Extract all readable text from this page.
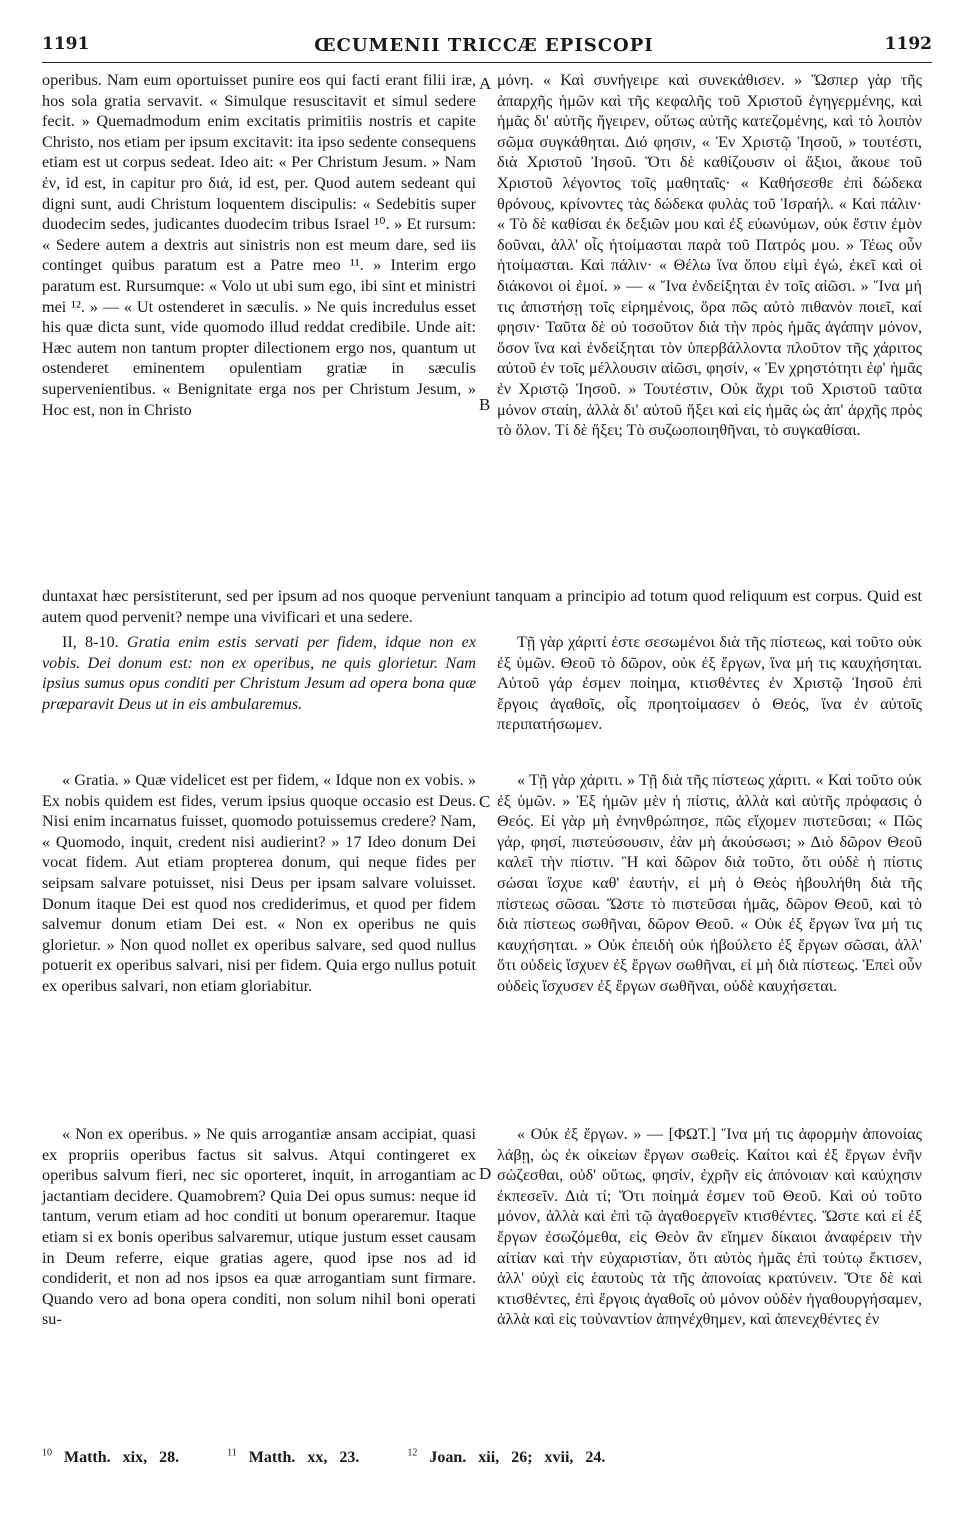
1191	ŒCUMENII TRICCÆ EPISCOPI	1192

operibus. Nam eum oportuisset punire eos qui facti erant filii iræ, hos sola gratia servavit. « Simulque resuscitavit et simul sedere fecit. » Quemadmodum enim excitatis primitiis nostris et capite Christo, nos etiam per ipsum excitavit: ita ipso sedente consequens etiam est ut corpus sedeat. Ideo ait: « Per Christum Jesum. » Nam ἐν, id est, in capitur pro διά, id est, per. Quod autem sedeant qui digni sunt, audi Christum loquentem discipulis: « Sedebitis super duodecim sedes, judicantes duodecim tribus Israel ¹⁰. » Et rursum: « Sedere autem a dextris aut sinistris non est meum dare, sed iis continget quibus paratum est a Patre meo ¹¹. » Interim ergo paratum est. Rursumque: « Volo ut ubi sum ego, ibi sint et ministri mei ¹². » — « Ut ostenderet in sæculis. » Ne quis incredulus esset his quæ dicta sunt, vide quomodo illud reddat credibile. Unde ait: Hæc autem non tantum propter dilectionem ergo nos, quantum ut ostenderet eminentem opulentiam gratiæ in sæculis supervenientibus. « Benignitate erga nos per Christum Jesum, » Hoc est, non in Christo

μόνη. « Καὶ συνήγειρε καὶ συνεκάθισεν. » Ὥσπερ γὰρ τῆς ἀπαρχῆς ἡμῶν καὶ τῆς κεφαλῆς τοῦ Χριστοῦ ἐγηγερμένης, καὶ ἡμᾶς δι' αὐτῆς ἤγειρεν, οὕτως αὐτῆς κατεζομένης, καὶ τὸ λοιπὸν σῶμα συγκάθηται. Διό φησιν, « Ἐν Χριστῷ Ἰησοῦ, » τουτέστι, διὰ Χριστοῦ Ἰησοῦ. Ὅτι δὲ καθίζουσιν οἱ ἄξιοι, ἄκουε τοῦ Χριστοῦ λέγοντος τοῖς μαθηταῖς· « Καθήσεσθε ἐπὶ δώδεκα θρόνους, κρίνοντες τὰς δώδεκα φυλὰς τοῦ Ἰσραήλ. « Καὶ πάλιν· « Τὸ δὲ καθίσαι ἐκ δεξιῶν μου καὶ ἐξ εὐωνύμων, οὐκ ἔστιν ἐμὸν δοῦναι, ἀλλ' οἷς ἡτοίμασται παρὰ τοῦ Πατρός μου. » Τέως οὖν ἡτοίμασται. Καὶ πάλιν· « Θέλω ἵνα ὅπου εἰμὶ ἐγώ, ἐκεῖ καὶ οἱ διάκονοι οἱ ἐμοί. » — « Ἵνα ἐνδείξηται ἐν τοῖς αἰῶσι. » Ἵνα μή τις ἀπιστήσῃ τοῖς εἰρημένοις, ὅρα πῶς αὐτὸ πιθανὸν ποιεῖ, καί φησιν· Ταῦτα δὲ οὐ τοσοῦτον διὰ τὴν πρὸς ἡμᾶς ἀγάπην μόνον, ὅσον ἵνα καὶ ἐνδείξηται τὸν ὑπερβάλλοντα πλοῦτον τῆς χάριτος αὐτοῦ ἐν τοῖς μέλλουσιν αἰῶσι, φησίν, « Ἐν χρηστότητι ἐφ' ἡμᾶς ἐν Χριστῷ Ἰησοῦ. » Τουτέστιν, Οὐκ ἄχρι τοῦ Χριστοῦ ταῦτα μόνον σταίη, ἀλλὰ δι' αὐτοῦ ἥξει καὶ εἰς ἡμᾶς ὡς ἀπ' ἀρχῆς πρὸς τὸ ὅλον. Τί δὲ ἥξει; Τὸ συζωοποιηθῆναι, τὸ συγκαθίσαι.

A
B

duntaxat hæc persistiterunt, sed per ipsum ad nos quoque perveniunt tanquam a principio ad totum quod reliquum est corpus. Quid est autem quod pervenit? nempe una vivificari et una sedere.

II, 8-10. Gratia enim estis servati per fidem, idque non ex vobis. Dei donum est: non ex operibus, ne quis glorietur. Nam ipsius sumus opus conditi per Christum Jesum ad opera bona quæ præparavit Deus ut in eis ambularemus.

Τῇ γὰρ χάριτί ἐστε σεσωμένοι διὰ τῆς πίστεως, καὶ τοῦτο οὐκ ἐξ ὑμῶν. Θεοῦ τὸ δῶρον, οὐκ ἐξ ἔργων, ἵνα μή τις καυχήσηται. Αὐτοῦ γάρ ἐσμεν ποίημα, κτισθέντες ἐν Χριστῷ Ἰησοῦ ἐπὶ ἔργοις ἀγαθοῖς, οἷς προητοίμασεν ὁ Θεός, ἵνα ἐν αὐτοῖς περιπατήσωμεν.

« Gratia. » Quæ videlicet est per fidem, « Idque non ex vobis. » Ex nobis quidem est fides, verum ipsius quoque occasio est Deus. Nisi enim incarnatus fuisset, quomodo potuissemus credere? Nam, « Quomodo, inquit, credent nisi audierint? » 17 Ideo donum Dei vocat fidem. Aut etiam propterea donum, qui neque fides per seipsam salvare potuisset, nisi Deus per ipsam salvare voluisset. Donum itaque Dei est quod nos crediderimus, et quod per fidem salvemur donum etiam Dei est. « Non ex operibus ne quis glorietur. » Non quod nollet ex operibus salvare, sed quod nullus potuerit ex operibus salvari, nisi per fidem. Quia ergo nullus potuit ex operibus salvari, non etiam gloriabitur.

« Τῇ γὰρ χάριτι. » Τῇ διὰ τῆς πίστεως χάριτι. « Καὶ τοῦτο οὐκ ἐξ ὑμῶν. » Ἐξ ἡμῶν μὲν ἡ πίστις, ἀλλὰ καὶ αὐτῆς πρόφασις ὁ Θεός. Εἰ γὰρ μὴ ἐνηνθρώπησε, πῶς εἴχομεν πιστεῦσαι; « Πῶς γάρ, φησί, πιστεύσουσιν, ἐὰν μὴ ἀκούσωσι; » Διὸ δῶρον Θεοῦ καλεῖ τὴν πίστιν. Ἢ καὶ δῶρον διὰ τοῦτο, ὅτι οὐδὲ ἡ πίστις σώσαι ἴσχυε καθ' ἑαυτήν, εἰ μὴ ὁ Θεὸς ἠβουλήθη διὰ τῆς πίστεως σῶσαι. Ὥστε τὸ πιστεῦσαι ἡμᾶς, δῶρον Θεοῦ, καὶ τὸ διὰ πίστεως σωθῆναι, δῶρον Θεοῦ. « Οὐκ ἐξ ἔργων ἵνα μή τις καυχήσηται. » Οὐκ ἐπειδὴ οὐκ ἠβούλετο ἐξ ἔργων σῶσαι, ἀλλ' ὅτι οὐδεὶς ἴσχυεν ἐξ ἔργων σωθῆναι, εἰ μὴ διὰ πίστεως. Ἐπεὶ οὖν οὐδεὶς ἴσχυσεν ἐξ ἔργων σωθῆναι, οὐδὲ καυχήσεται.

C

« Non ex operibus. » Ne quis arrogantiæ ansam accipiat, quasi ex propriis operibus factus sit salvus. Atqui contingeret ex operibus salvum fieri, nec sic oporteret, inquit, in arrogantiam ac jactantiam decidere. Quamobrem? Quia Dei opus sumus: neque id tantum, verum etiam ad hoc conditi ut bonum operaremur. Itaque etiam si ex bonis operibus salvaremur, utique justum esset causam in Deum referre, eique gratias agere, quod ipse nos ad id condiderit, et non ad nos ipsos ea quæ arrogantiam sunt firmare. Quando vero ad bona opera conditi, non solum nihil boni operati su-

« Οὐκ ἐξ ἔργων. » — [ΦΩΤ.] Ἵνα μή τις ἀφορμὴν ἀπονοίας λάβῃ, ὡς ἐκ οἰκείων ἔργων σωθείς. Καίτοι καὶ ἐξ ἔργων ἐνῆν σώζεσθαι, οὐδ' οὕτως, φησίν, ἐχρῆν εἰς ἀπόνοιαν καὶ καύχησιν ἐκπεσεῖν. Διὰ τί; Ὅτι ποίημά ἐσμεν τοῦ Θεοῦ. Καὶ οὐ τοῦτο μόνον, ἀλλὰ καὶ ἐπὶ τῷ ἀγαθοεργεῖν κτισθέντες. Ὥστε καὶ εἰ ἐξ ἔργων ἐσωζόμεθα, εἰς Θεὸν ἂν εἴημεν δίκαιοι ἀναφέρειν τὴν αἰτίαν καὶ τὴν εὐχαριστίαν, ὅτι αὐτὸς ἡμᾶς ἐπὶ τούτῳ ἔκτισεν, ἀλλ' οὐχὶ εἰς ἑαυτοὺς τὰ τῆς ἀπονοίας κρατύνειν. Ὅτε δὲ καὶ κτισθέντες, ἐπὶ ἔργοις ἀγαθοῖς οὐ μόνον οὐδὲν ἠγαθουργήσαμεν, ἀλλὰ καὶ εἰς τοὐναντίον ἀπηνέχθημεν, καὶ ἀπενεχθέντες ἐν

D
$^{10}$ Matth. xix, 28.	$^{11}$ Matth. xx, 23.	$^{12}$ Joan. xii, 26; xvii, 24.
